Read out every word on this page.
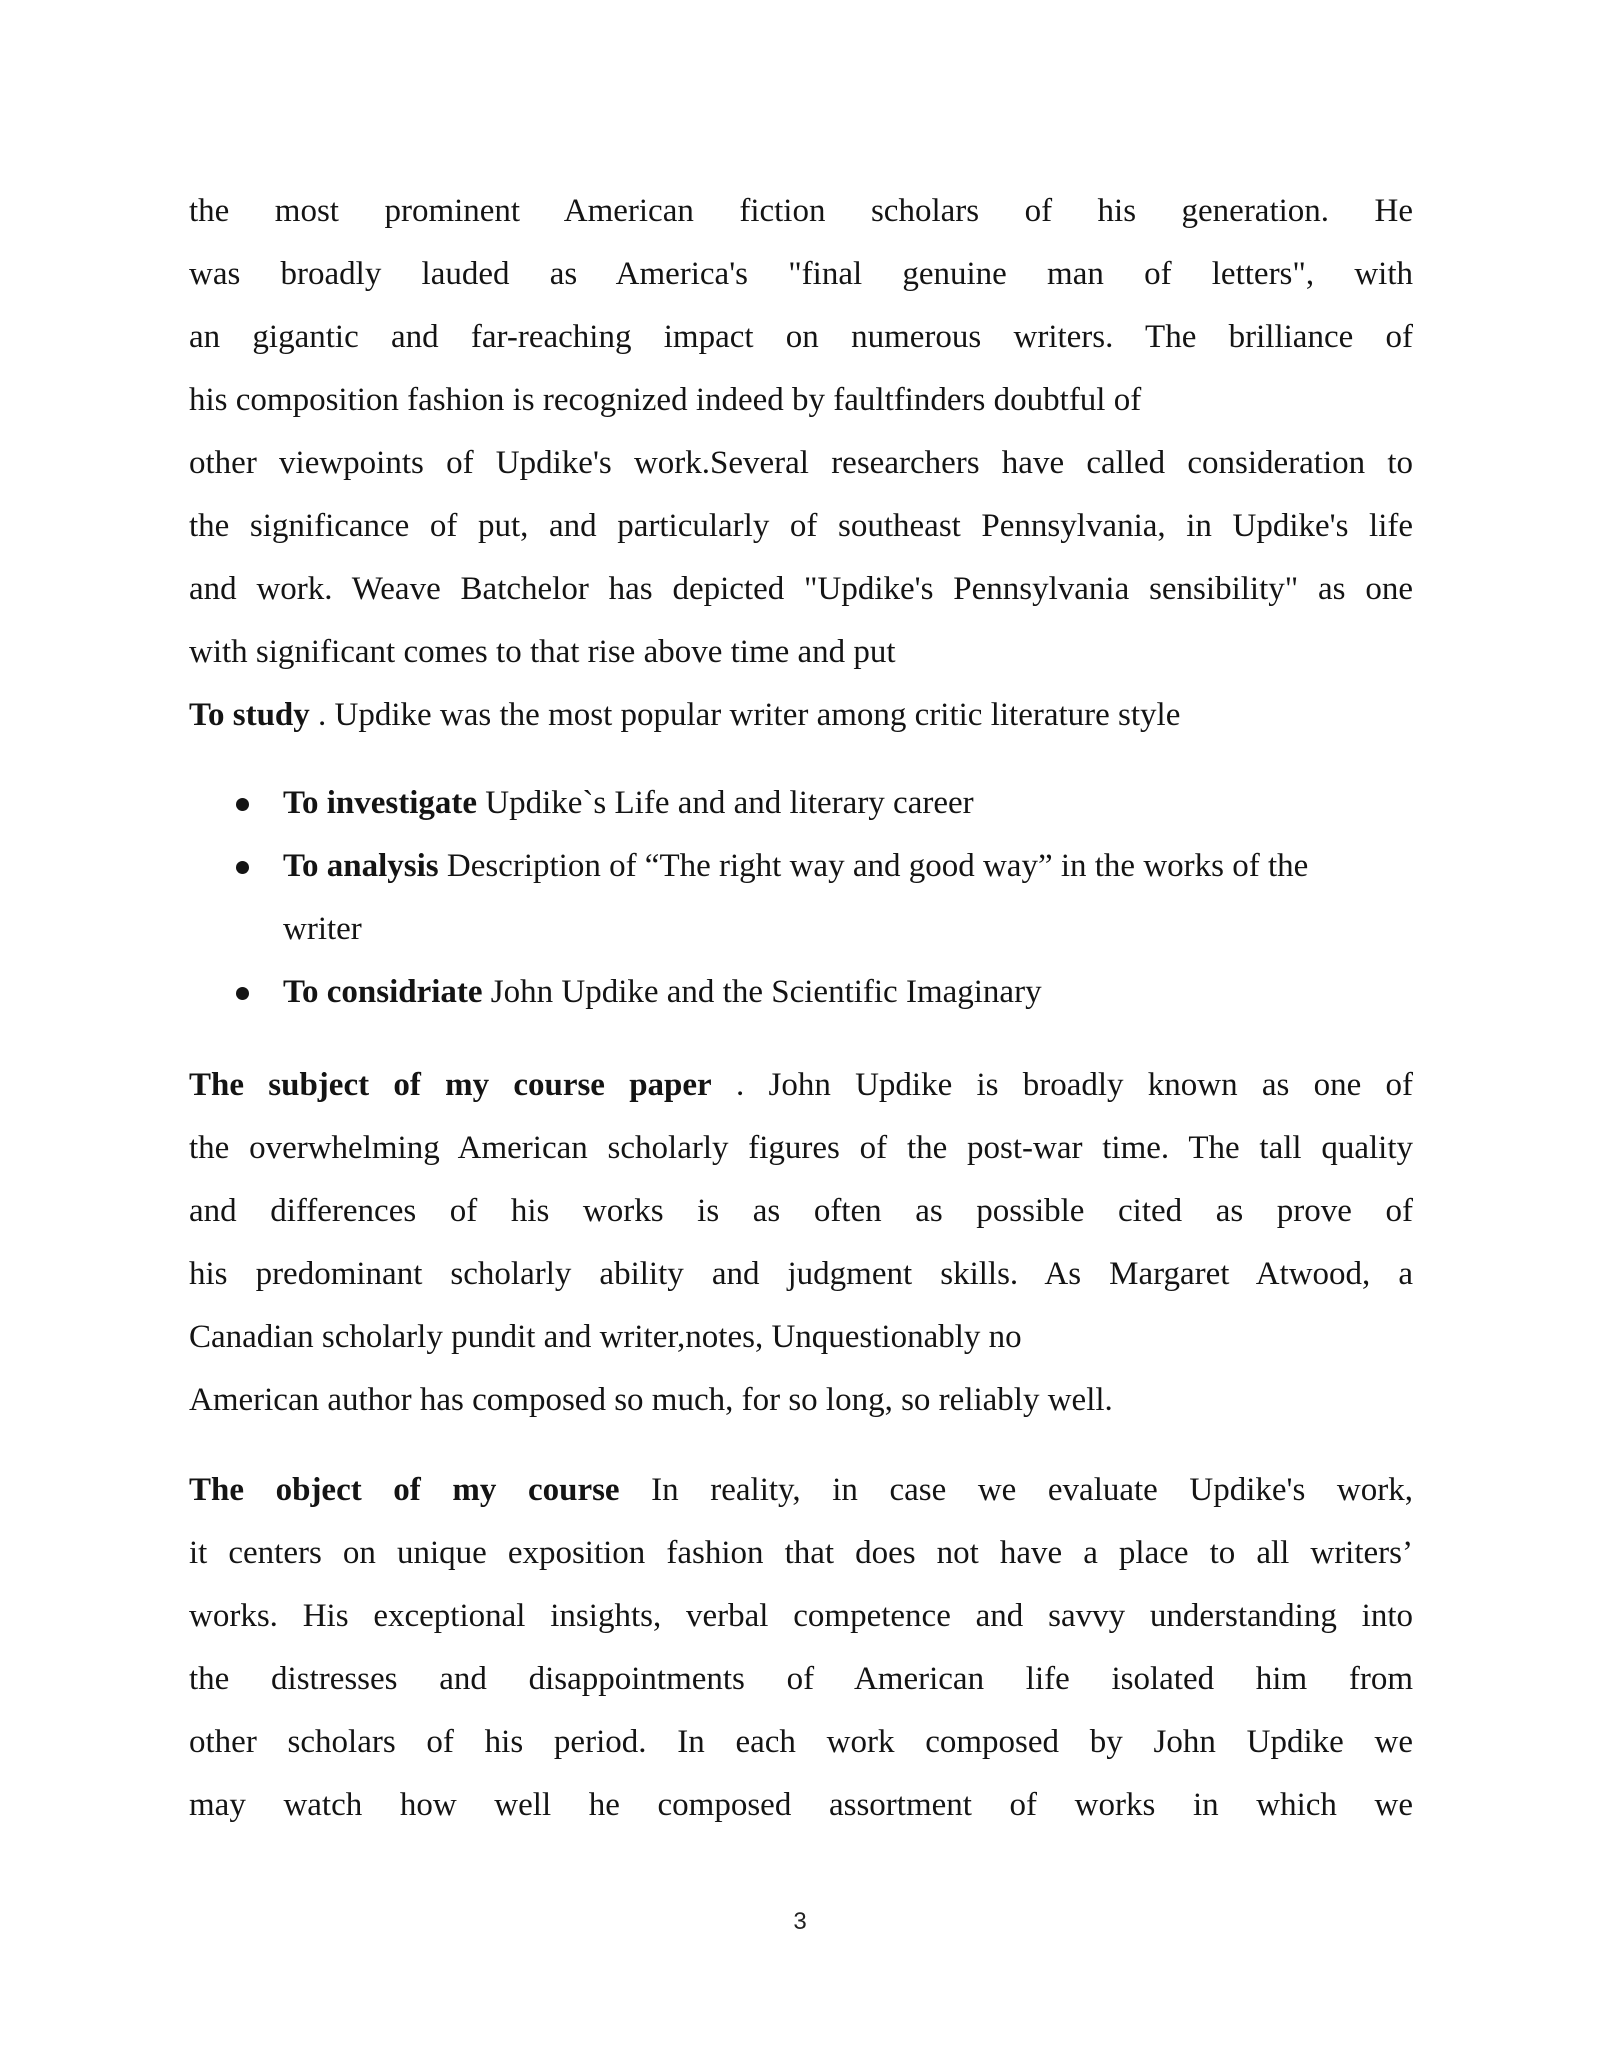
the most prominent American fiction scholars of his generation. He
was broadly lauded as America's "final genuine man of letters", with
an gigantic and far-reaching impact on numerous writers. The brilliance of
his composition fashion is recognized indeed by faultfinders doubtful of
other viewpoints of Updike's work.Several researchers have called consideration to
the significance of put, and particularly of southeast Pennsylvania, in Updike's life
and work. Weave Batchelor has depicted "Updike's Pennsylvania sensibility" as one
with significant comes to that rise above time and put
To study . Updike was the most popular writer among critic literature style
To investigate Updike`s Life and and literary career
To analysis Description of “The right way and good way” in the works of the
writer
To considriate John Updike and the Scientific Imaginary
The subject of my course paper . John Updike is broadly known as one of
the overwhelming American scholarly figures of the post-war time. The tall quality
and differences of his works is as often as possible cited as prove of
his predominant scholarly ability and judgment skills. As Margaret Atwood, a
Canadian scholarly pundit and writer,notes, Unquestionably no
American author has composed so much, for so long, so reliably well.
The object of my course In reality, in case we evaluate Updike's work,
it centers on unique exposition fashion that does not have a place to all writers’
works. His exceptional insights, verbal competence and savvy understanding into
the distresses and disappointments of American life isolated him from
other scholars of his period. In each work composed by John Updike we
may watch how well he composed assortment of works in which we
3
